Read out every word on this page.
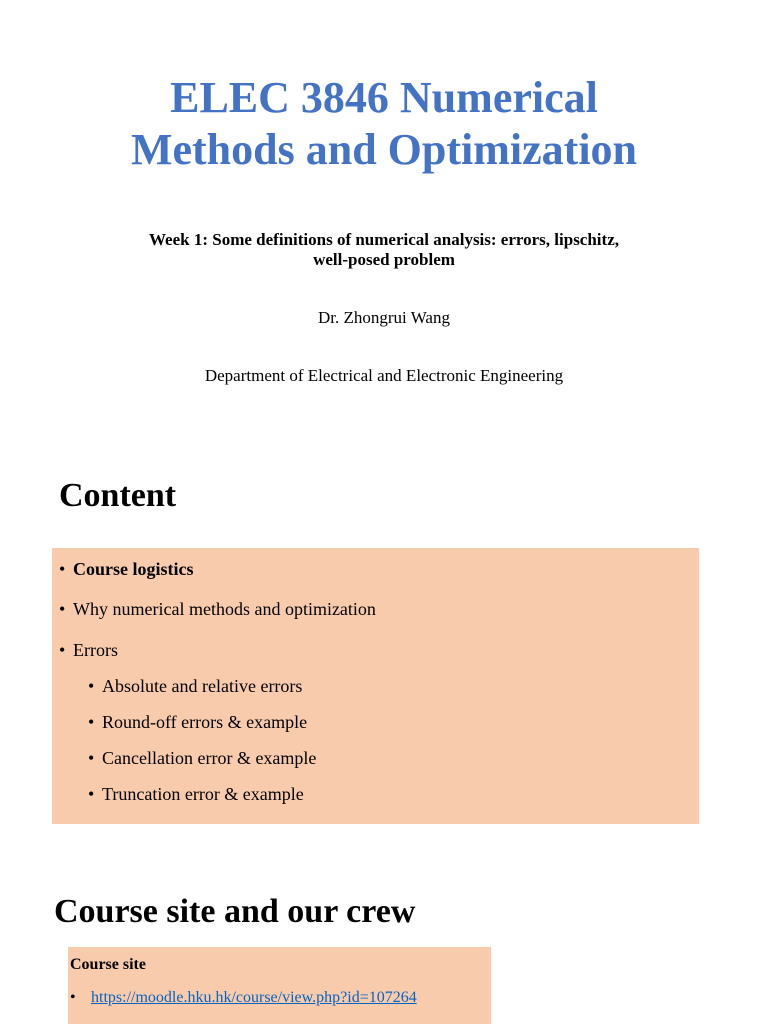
ELEC 3846 Numerical
Methods and Optimization
Week 1: Some definitions of numerical analysis: errors, lipschitz,
well-posed problem
Dr. Zhongrui Wang
Department of Electrical and Electronic Engineering
Content
• Course logistics
• Why numerical methods and optimization
• Errors
• Absolute and relative errors
• Round-off errors & example
• Cancellation error & example
• Truncation error & example
Course site and our crew
Course site
• https://moodle.hku.hk/course/view.php?id=107264
